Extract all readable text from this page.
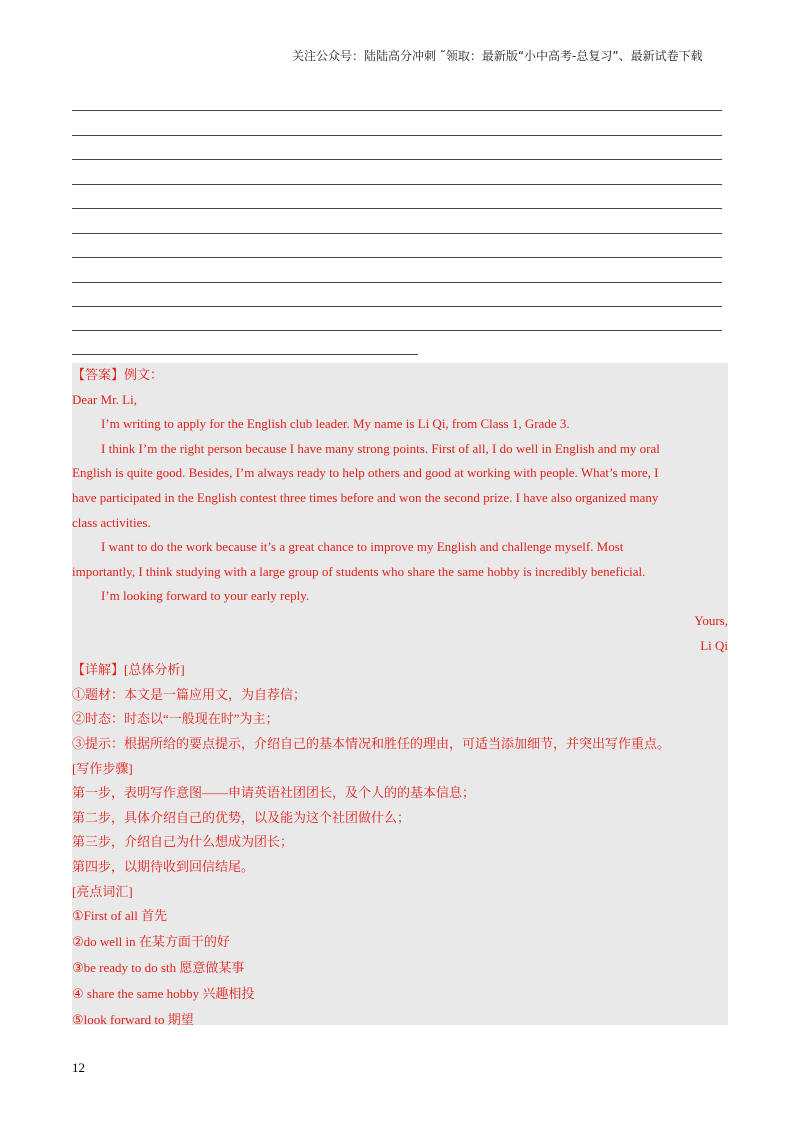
关注公众号：陆陆高分冲刺 ˜领取：最新版“小中高考-总复习”、最新试卷下载
【答案】例文：
Dear Mr. Li,
I’m writing to apply for the English club leader. My name is Li Qi, from Class 1, Grade 3.
I think I’m the right person because I have many strong points. First of all, I do well in English and my oral
English is quite good. Besides, I’m always ready to help others and good at working with people. What’s more, I
have participated in the English contest three times before and won the second prize. I have also organized many
class activities.
I want to do the work because it’s a great chance to improve my English and challenge myself. Most
importantly, I think studying with a large group of students who share the same hobby is incredibly beneficial.
I’m looking forward to your early reply.
Yours,
Li Qi
【详解】[总体分析]
①题材：本文是一篇应用文，为自荐信；
②时态：时态以“一般现在时”为主；
③提示：根据所给的要点提示，介绍自己的基本情况和胜任的理由，可适当添加细节，并突出写作重点。
[写作步骤]
第一步，表明写作意图——申请英语社团团长，及个人的的基本信息；
第二步，具体介绍自己的优势，以及能为这个社团做什么；
第三步，介绍自己为什么想成为团长；
第四步，以期待收到回信结尾。
[亮点词汇]
①First of all 首先
②do well in 在某方面干的好
③be ready to do sth 愿意做某事
④ share the same hobby 兴趣相投
⑤look forward to 期望
12
